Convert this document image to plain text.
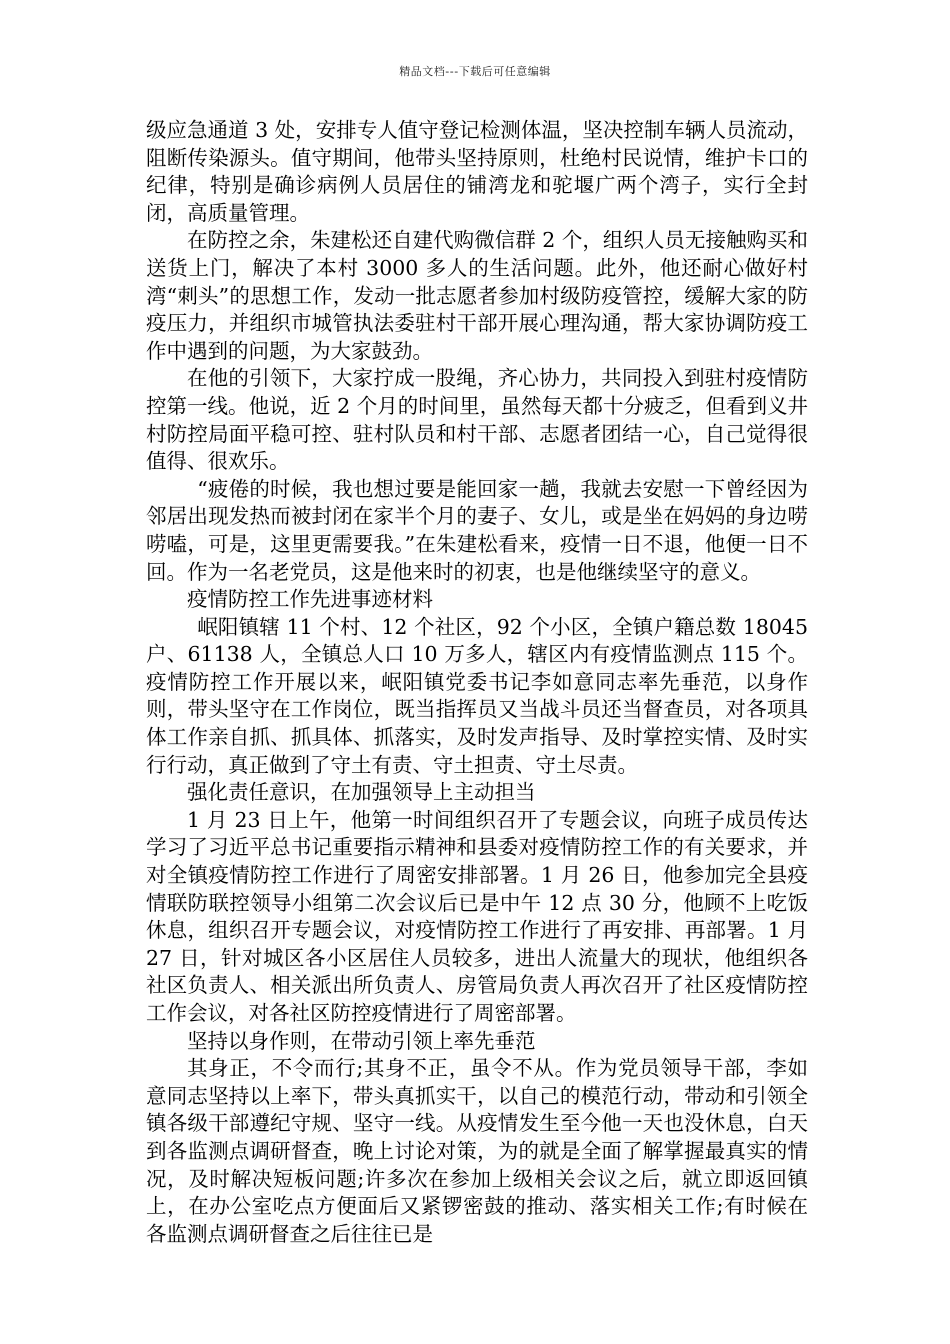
精品文档---下载后可任意编辑

级应急通道 3 处，安排专人值守登记检测体温，坚决控制车辆人员流动，阻断传染源头。值守期间，他带头坚持原则，杜绝村民说情，维护卡口的纪律，特别是确诊病例人员居住的铺湾龙和驼堰广两个湾子，实行全封闭，高质量管理。

在防控之余，朱建松还自建代购微信群 2 个，组织人员无接触购买和送货上门，解决了本村 3000 多人的生活问题。此外，他还耐心做好村湾“刺头”的思想工作，发动一批志愿者参加村级防疫管控，缓解大家的防疫压力，并组织市城管执法委驻村干部开展心理沟通，帮大家协调防疫工作中遇到的问题，为大家鼓劲。

在他的引领下，大家拧成一股绳，齐心协力，共同投入到驻村疫情防控第一线。他说，近 2 个月的时间里，虽然每天都十分疲乏，但看到义井村防控局面平稳可控、驻村队员和村干部、志愿者团结一心，自己觉得很值得、很欢乐。

“疲倦的时候，我也想过要是能回家一趟，我就去安慰一下曾经因为邻居出现发热而被封闭在家半个月的妻子、女儿，或是坐在妈妈的身边唠唠嗑，可是，这里更需要我。”在朱建松看来，疫情一日不退，他便一日不回。作为一名老党员，这是他来时的初衷，也是他继续坚守的意义。

疫情防控工作先进事迹材料

岷阳镇辖 11 个村、12 个社区，92 个小区，全镇户籍总数 18045 户、61138 人，全镇总人口 10 万多人，辖区内有疫情监测点 115 个。疫情防控工作开展以来，岷阳镇党委书记李如意同志率先垂范，以身作则，带头坚守在工作岗位，既当指挥员又当战斗员还当督查员，对各项具体工作亲自抓、抓具体、抓落实，及时发声指导、及时掌控实情、及时实行行动，真正做到了守土有责、守土担责、守土尽责。

强化责任意识，在加强领导上主动担当

1 月 23 日上午，他第一时间组织召开了专题会议，向班子成员传达学习了习近平总书记重要指示精神和县委对疫情防控工作的有关要求，并对全镇疫情防控工作进行了周密安排部署。1 月 26 日，他参加完全县疫情联防联控领导小组第二次会议后已是中午 12 点 30 分，他顾不上吃饭休息，组织召开专题会议，对疫情防控工作进行了再安排、再部署。1 月 27 日，针对城区各小区居住人员较多，进出人流量大的现状，他组织各社区负责人、相关派出所负责人、房管局负责人再次召开了社区疫情防控工作会议，对各社区防控疫情进行了周密部署。

坚持以身作则，在带动引领上率先垂范

其身正，不令而行;其身不正，虽令不从。作为党员领导干部，李如意同志坚持以上率下，带头真抓实干，以自己的模范行动，带动和引领全镇各级干部遵纪守规、坚守一线。从疫情发生至今他一天也没休息，白天到各监测点调研督查，晚上讨论对策，为的就是全面了解掌握最真实的情况，及时解决短板问题;许多次在参加上级相关会议之后，就立即返回镇上，在办公室吃点方便面后又紧锣密鼓的推动、落实相关工作;有时候在各监测点调研督查之后往往已是
